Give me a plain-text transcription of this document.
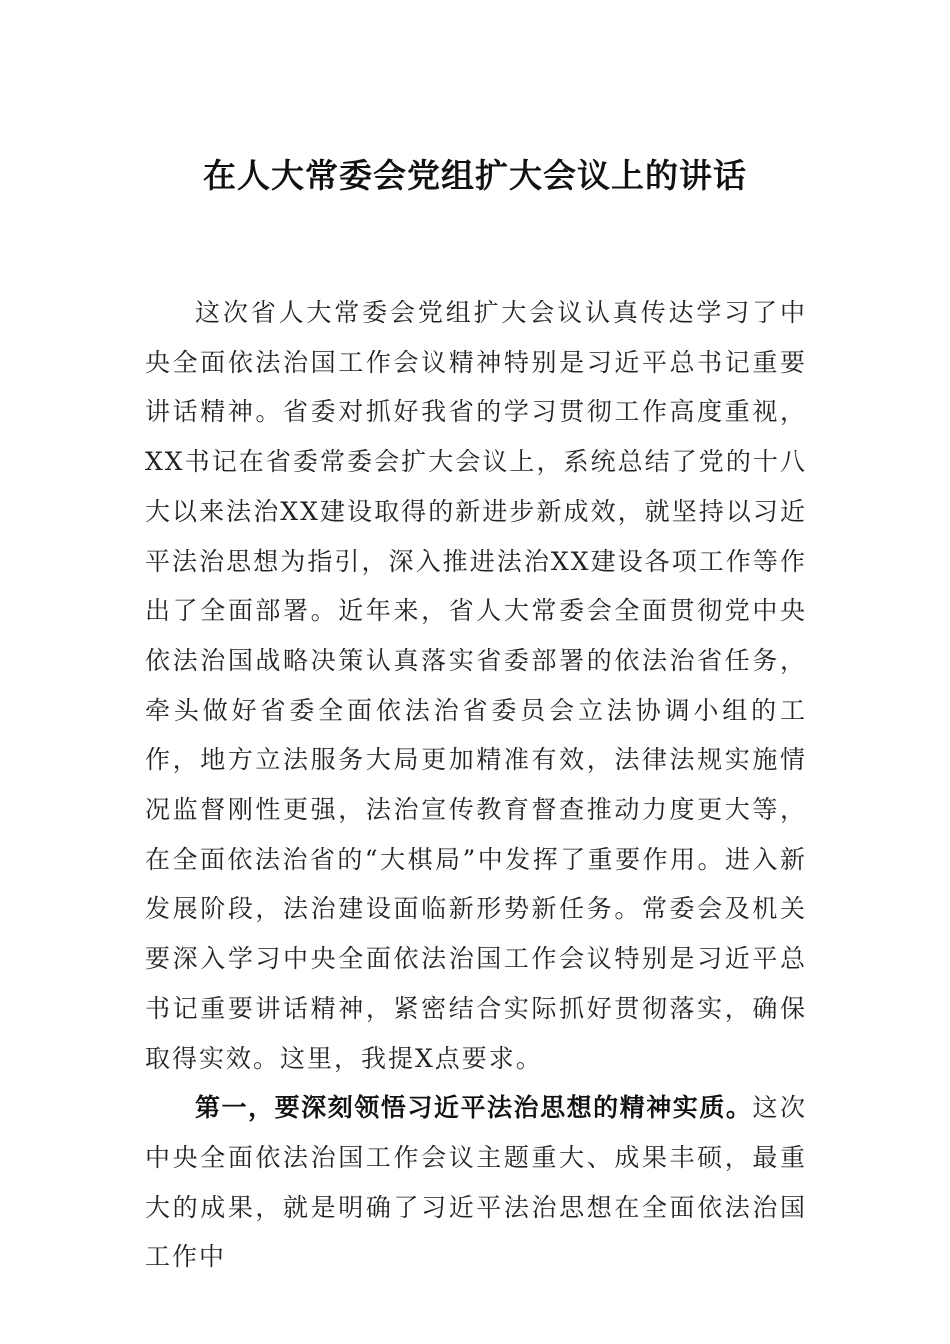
在人大常委会党组扩大会议上的讲话

这次省人大常委会党组扩大会议认真传达学习了中央全面依法治国工作会议精神特别是习近平总书记重要讲话精神。省委对抓好我省的学习贯彻工作高度重视，XX书记在省委常委会扩大会议上，系统总结了党的十八大以来法治XX建设取得的新进步新成效，就坚持以习近平法治思想为指引，深入推进法治XX建设各项工作等作出了全面部署。近年来，省人大常委会全面贯彻党中央依法治国战略决策认真落实省委部署的依法治省任务，牵头做好省委全面依法治省委员会立法协调小组的工作，地方立法服务大局更加精准有效，法律法规实施情况监督刚性更强，法治宣传教育督查推动力度更大等，在全面依法治省的“大棋局”中发挥了重要作用。进入新发展阶段，法治建设面临新形势新任务。常委会及机关要深入学习中央全面依法治国工作会议特别是习近平总书记重要讲话精神，紧密结合实际抓好贯彻落实，确保取得实效。这里，我提X点要求。

第一，要深刻领悟习近平法治思想的精神实质。这次中央全面依法治国工作会议主题重大、成果丰硕，最重大的成果，就是明确了习近平法治思想在全面依法治国工作中
